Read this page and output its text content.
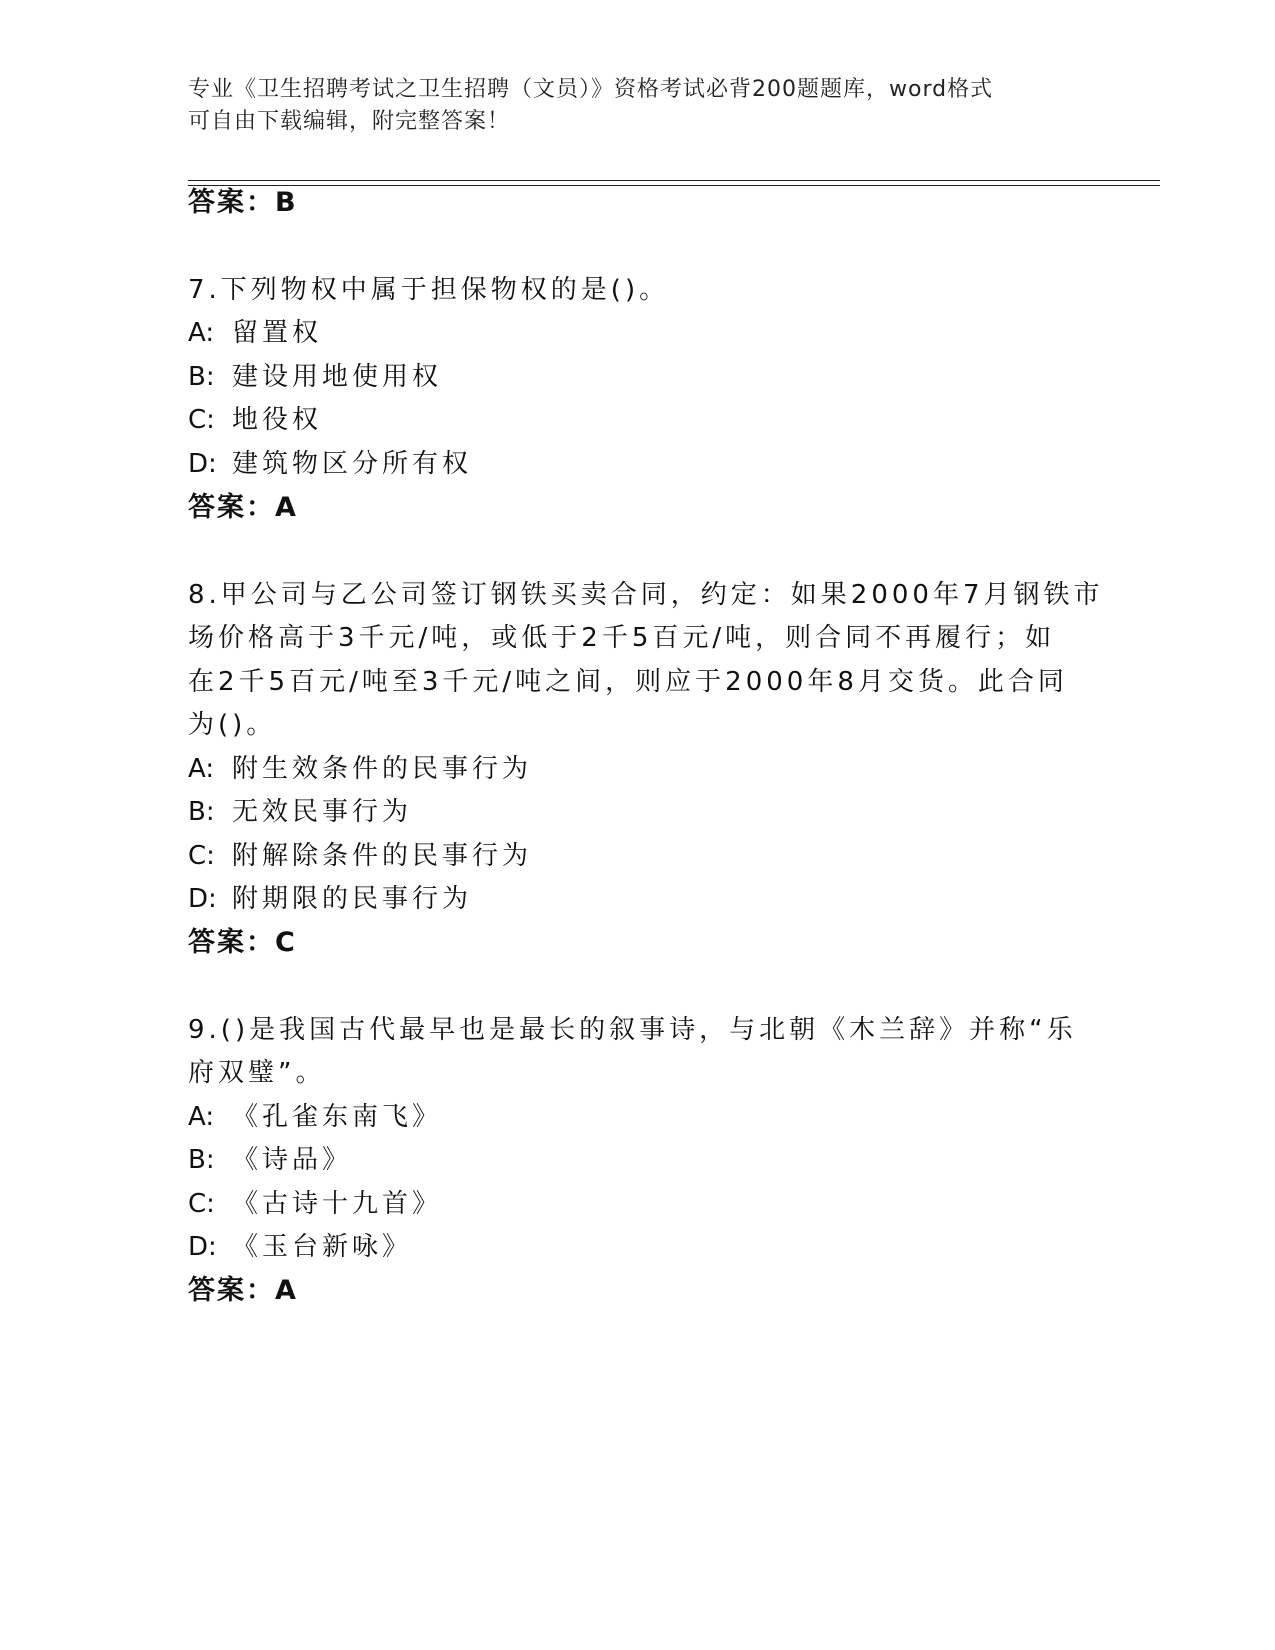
专业《卫生招聘考试之卫生招聘（文员）》资格考试必背200题题库，word格式
可自由下载编辑，附完整答案！
答案：B
7.下列物权中属于担保物权的是()。
A: 留置权
B: 建设用地使用权
C: 地役权
D: 建筑物区分所有权
答案：A
8.甲公司与乙公司签订钢铁买卖合同，约定：如果2000年7月钢铁市
场价格高于3千元/吨，或低于2千5百元/吨，则合同不再履行；如
在2千5百元/吨至3千元/吨之间，则应于2000年8月交货。此合同
为()。
A: 附生效条件的民事行为
B: 无效民事行为
C: 附解除条件的民事行为
D: 附期限的民事行为
答案：C
9.()是我国古代最早也是最长的叙事诗，与北朝《木兰辞》并称“乐
府双璧”。
A: 《孔雀东南飞》
B: 《诗品》
C: 《古诗十九首》
D: 《玉台新咏》
答案：A
